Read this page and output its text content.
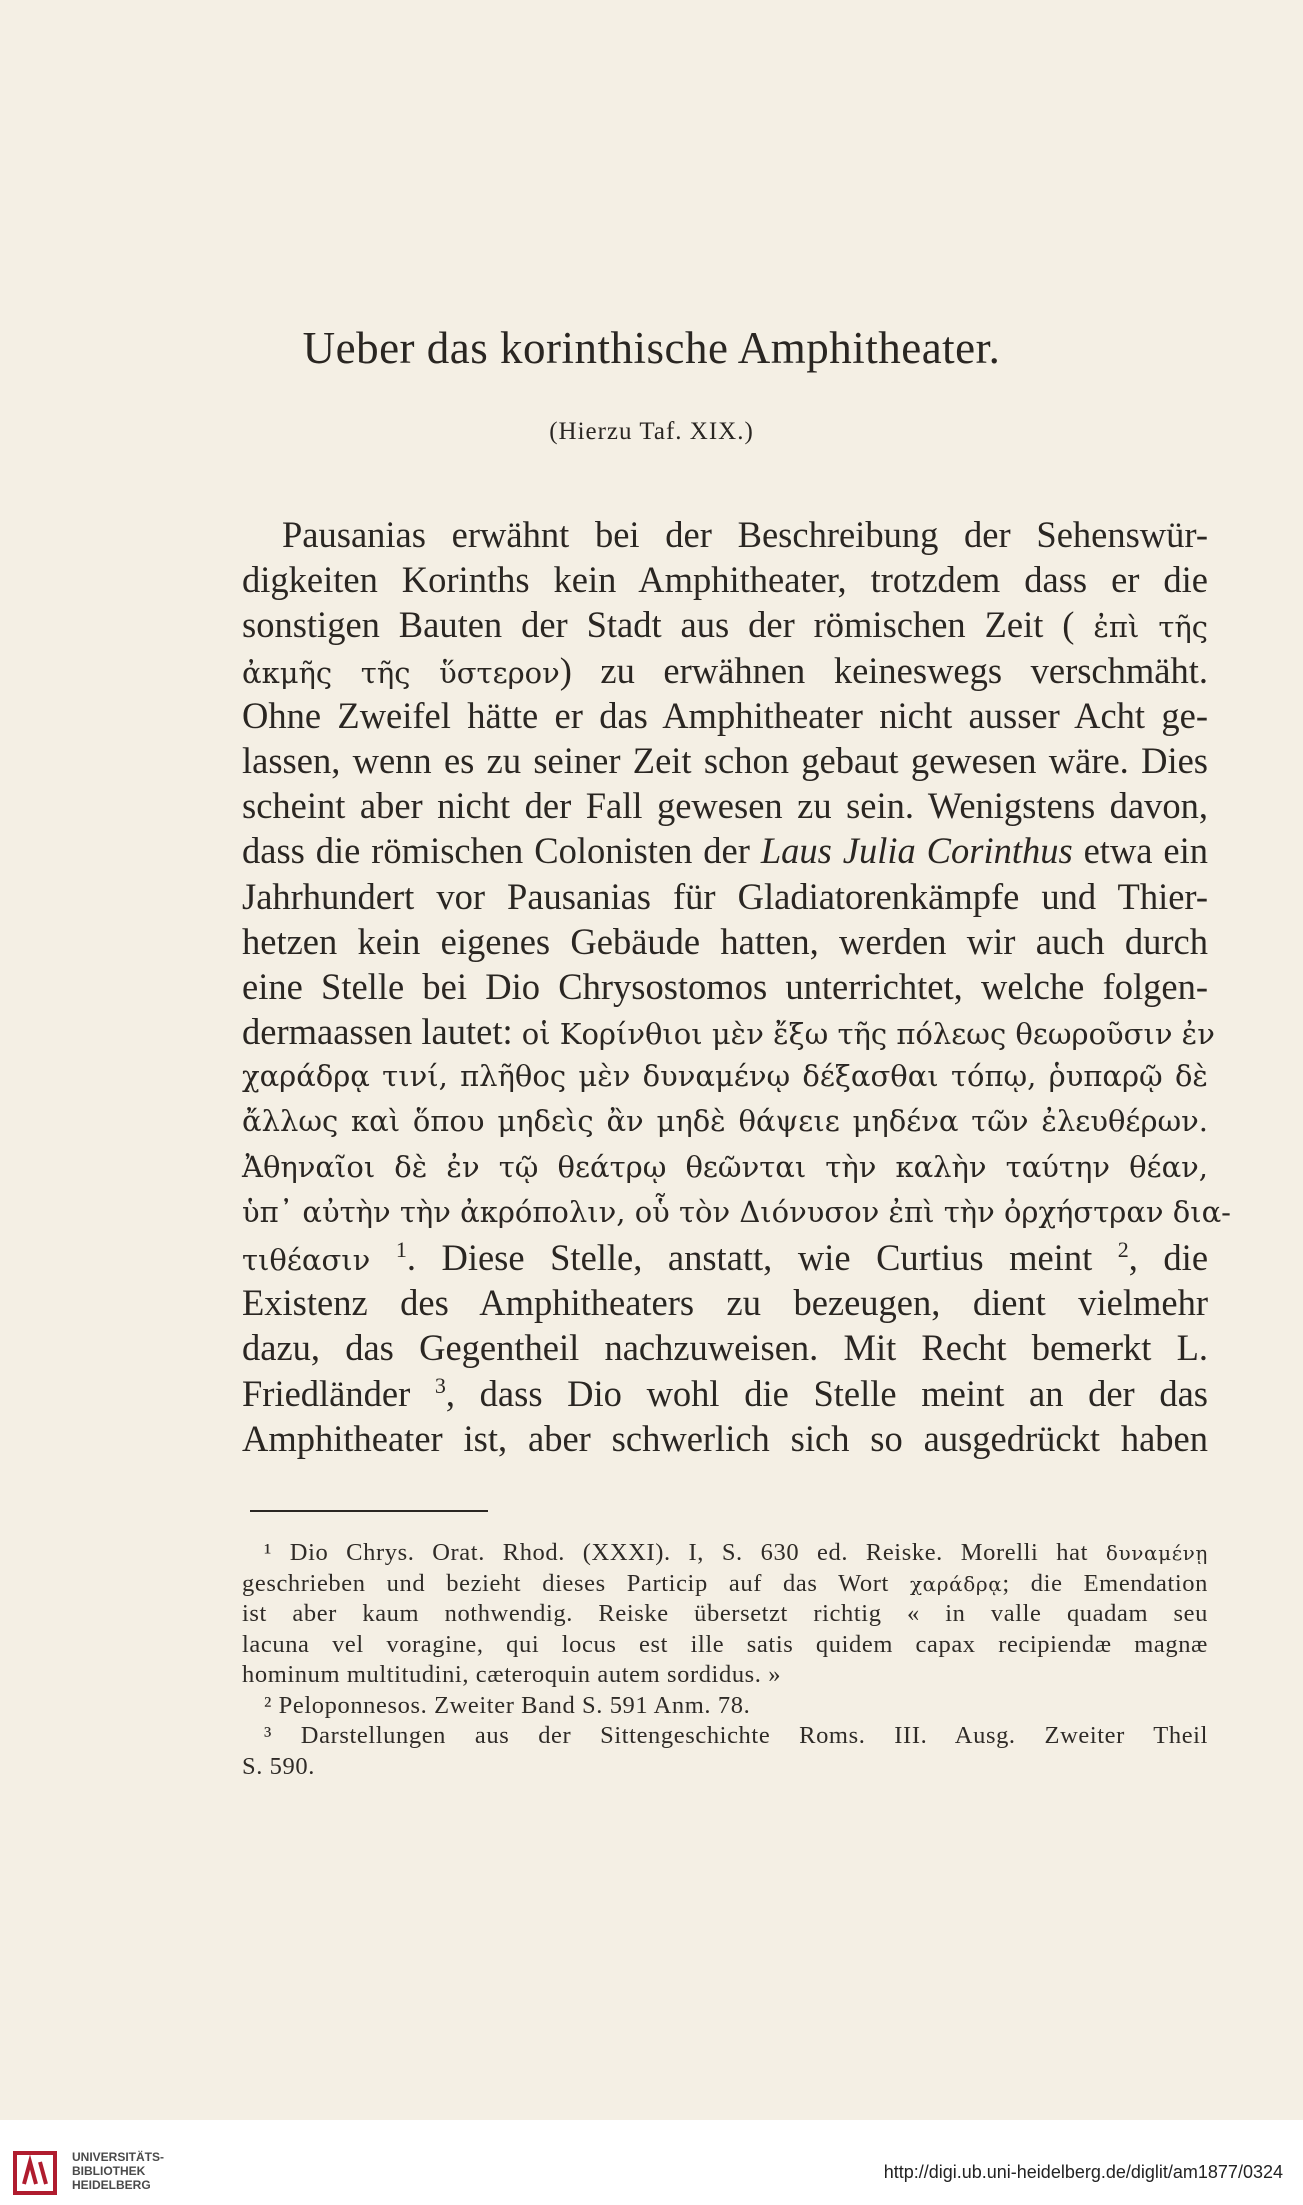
Ueber das korinthische Amphitheater.
(Hierzu Taf. XIX.)
Pausanias erwähnt bei der Beschreibung der Sehenswür-
digkeiten Korinths kein Amphitheater, trotzdem dass er die
sonstigen Bauten der Stadt aus der römischen Zeit ( ἐπὶ τῆς
ἀκμῆς τῆς ὕστερον) zu erwähnen keineswegs verschmäht.
Ohne Zweifel hätte er das Amphitheater nicht ausser Acht ge-
lassen, wenn es zu seiner Zeit schon gebaut gewesen wäre. Dies
scheint aber nicht der Fall gewesen zu sein. Wenigstens davon,
dass die römischen Colonisten der Laus Julia Corinthus etwa ein
Jahrhundert vor Pausanias für Gladiatorenkämpfe und Thier-
hetzen kein eigenes Gebäude hatten, werden wir auch durch
eine Stelle bei Dio Chrysostomos unterrichtet, welche folgen-
dermaassen lautet: οἱ Κορίνθιοι μὲν ἔξω τῆς πόλεως θεωροῦσιν ἐν
χαράδρᾳ τινί, πλῆθος μὲν δυναμένῳ δέξασθαι τόπῳ, ῥυπαρῷ δὲ
ἄλλως καὶ ὅπου μηδεὶς ἂν μηδὲ θάψειε μηδένα τῶν ἐλευθέρων.
Ἀθηναῖοι δὲ ἐν τῷ θεάτρῳ θεῶνται τὴν καλὴν ταύτην θέαν,
ὑπ᾽ αὐτὴν τὴν ἀκρόπολιν, οὗ τὸν Διόνυσον ἐπὶ τὴν ὀρχήστραν δια-
τιθέασιν $^1$. Diese Stelle, anstatt, wie Curtius meint $^2$, die
Existenz des Amphitheaters zu bezeugen, dient vielmehr
dazu, das Gegentheil nachzuweisen. Mit Recht bemerkt L.
Friedländer $^3$, dass Dio wohl die Stelle meint an der das
Amphitheater ist, aber schwerlich sich so ausgedrückt haben
¹ Dio Chrys. Orat. Rhod. (XXXI). I, S. 630 ed. Reiske. Morelli hat δυναμένῃ
geschrieben und bezieht dieses Particip auf das Wort χαράδρᾳ; die Emendation
ist aber kaum nothwendig. Reiske übersetzt richtig « in valle quadam seu
lacuna vel voragine, qui locus est ille satis quidem capax recipiendæ magnæ
hominum multitudini, cæteroquin autem sordidus. »
² Peloponnesos. Zweiter Band S. 591 Anm. 78.
³ Darstellungen aus der Sittengeschichte Roms. III. Ausg. Zweiter Theil
S. 590.
UNIVERSITÄTS-
BIBLIOTHEK
HEIDELBERG
http://digi.ub.uni-heidelberg.de/diglit/am1877/0324
